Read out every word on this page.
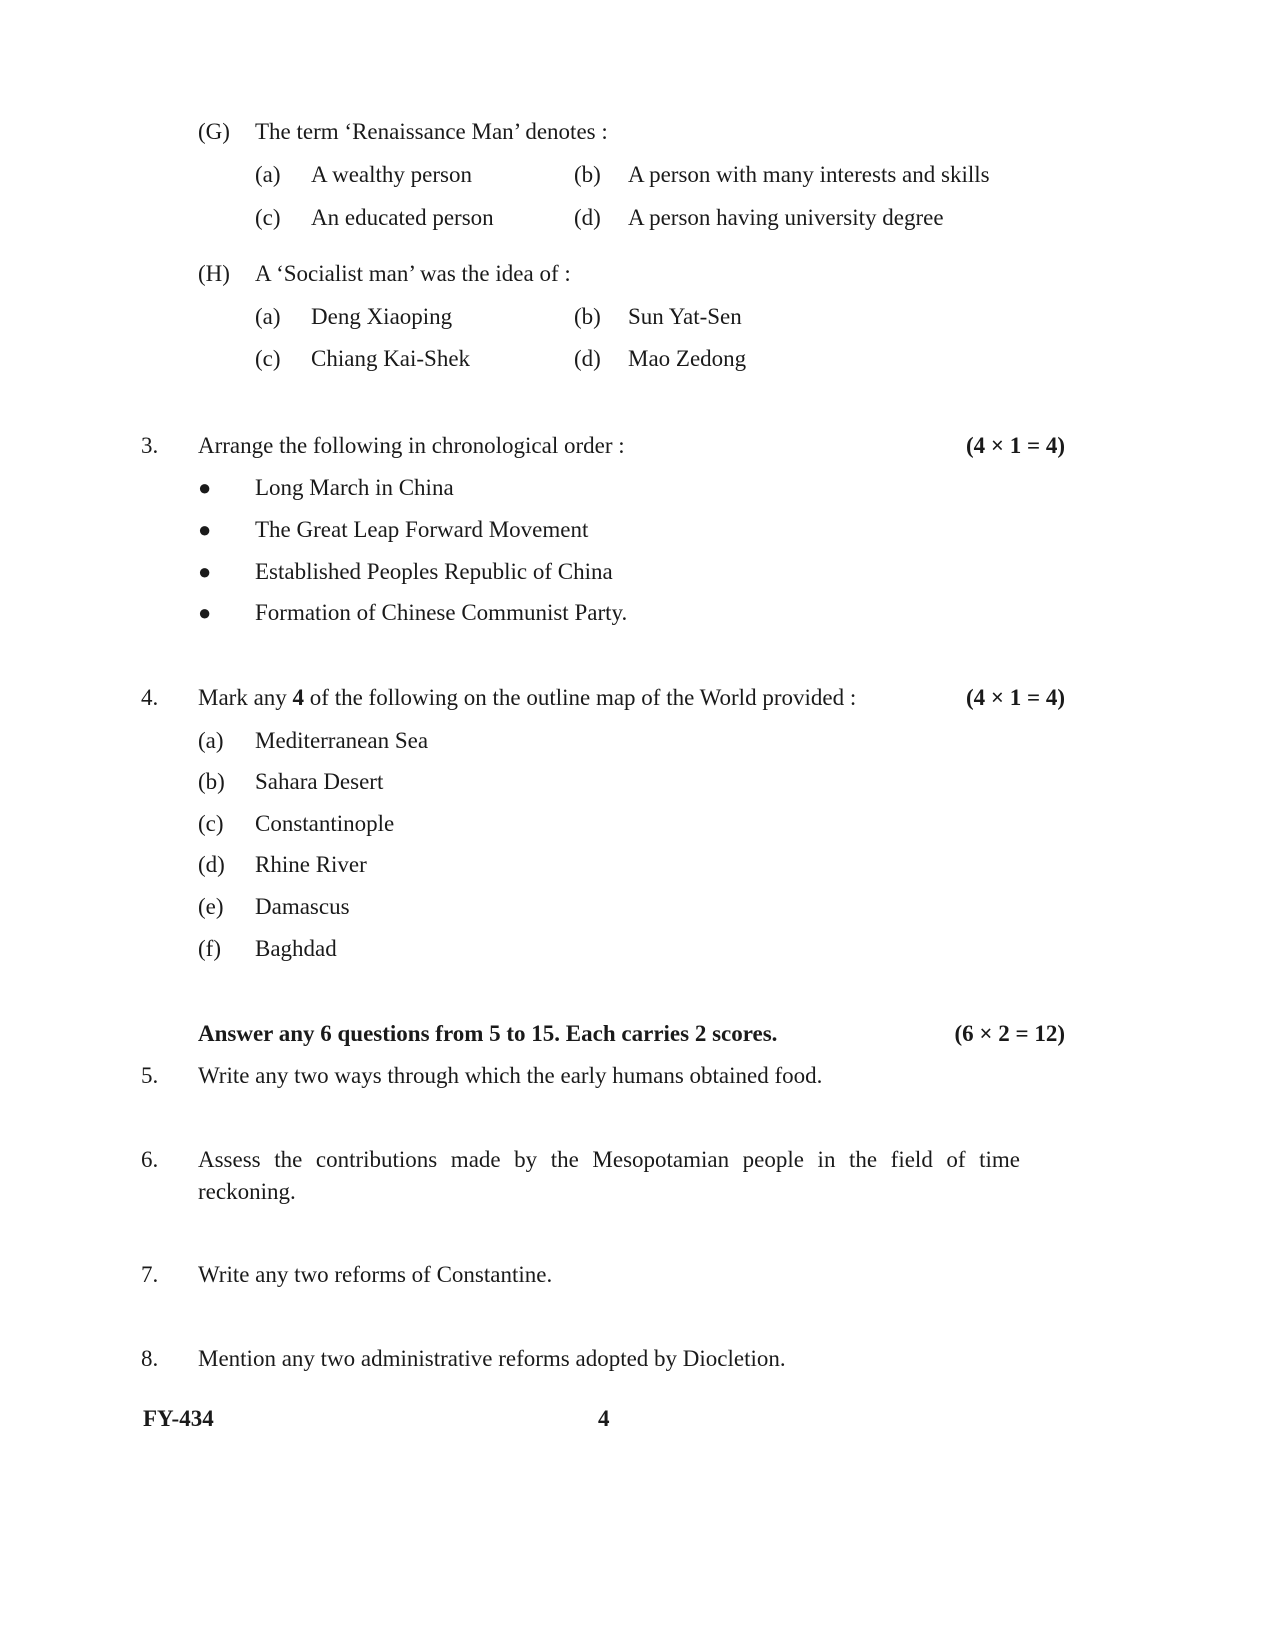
(G) The term ‘Renaissance Man’ denotes :
(a) A wealthy person	(b) A person with many interests and skills
(c) An educated person	(d) A person having university degree
(H) A ‘Socialist man’ was the idea of :
(a) Deng Xiaoping	(b) Sun Yat-Sen
(c) Chiang Kai-Shek	(d) Mao Zedong
3. Arrange the following in chronological order :	(4 × 1 = 4)
● Long March in China
● The Great Leap Forward Movement
● Established Peoples Republic of China
● Formation of Chinese Communist Party.
4. Mark any 4 of the following on the outline map of the World provided :	(4 × 1 = 4)
(a) Mediterranean Sea
(b) Sahara Desert
(c) Constantinople
(d) Rhine River
(e) Damascus
(f) Baghdad
Answer any 6 questions from 5 to 15. Each carries 2 scores.	(6 × 2 = 12)
5. Write any two ways through which the early humans obtained food.
6. Assess the contributions made by the Mesopotamian people in the field of time
reckoning.
7. Write any two reforms of Constantine.
8. Mention any two administrative reforms adopted by Diocletion.
FY-434	4
